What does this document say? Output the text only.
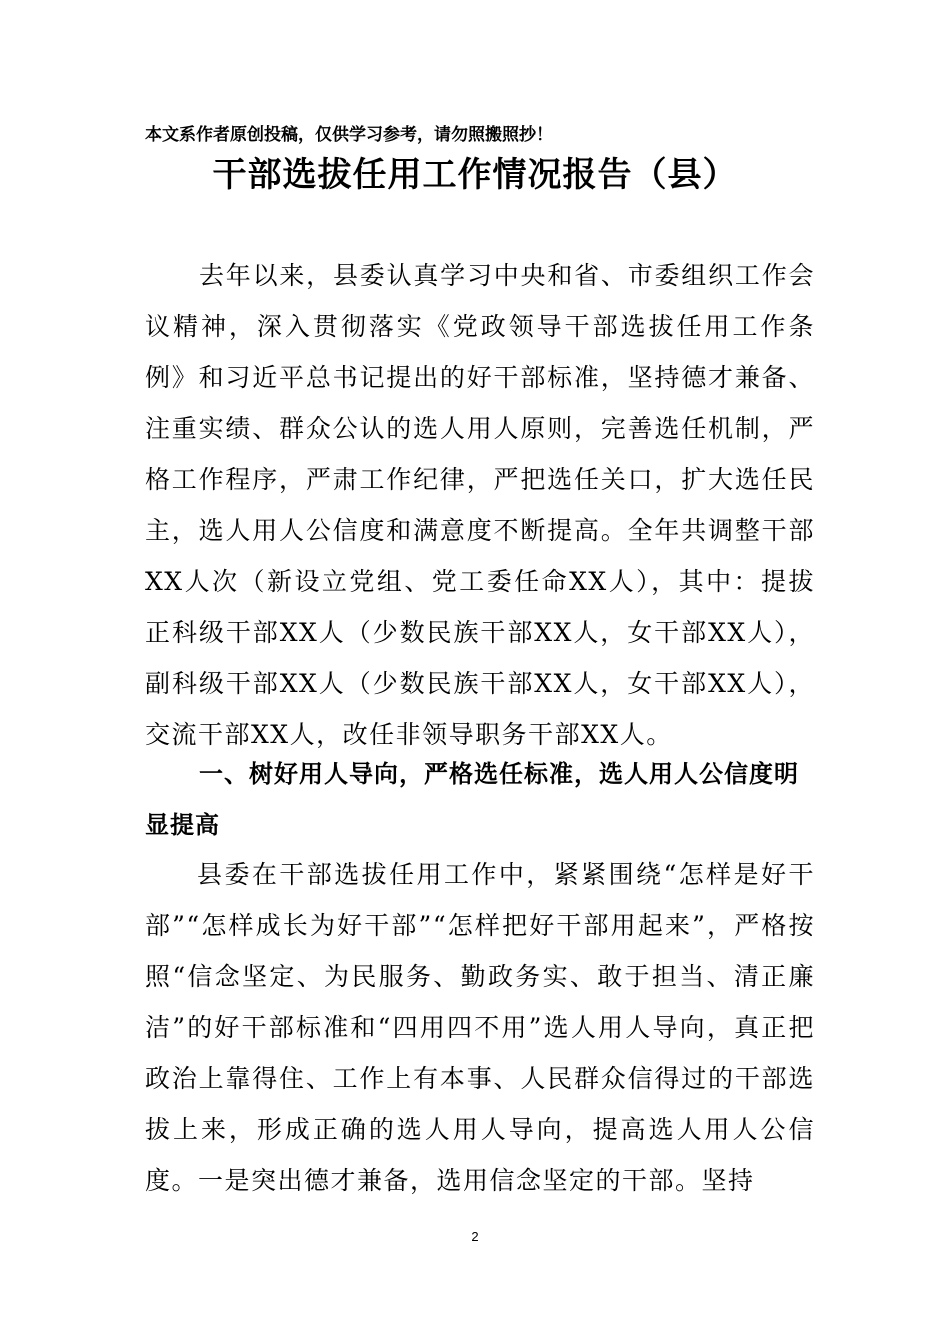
本文系作者原创投稿，仅供学习参考，请勿照搬照抄！
干部选拔任用工作情况报告（县）

去年以来，县委认真学习中央和省、市委组织工作会议精神，深入贯彻落实《党政领导干部选拔任用工作条例》和习近平总书记提出的好干部标准，坚持德才兼备、注重实绩、群众公认的选人用人原则，完善选任机制，严格工作程序，严肃工作纪律，严把选任关口，扩大选任民主，选人用人公信度和满意度不断提高。全年共调整干部XX人次（新设立党组、党工委任命XX人），其中：提拔正科级干部XX人（少数民族干部XX人，女干部XX人），副科级干部XX人（少数民族干部XX人，女干部XX人），交流干部XX人，改任非领导职务干部XX人。

一、树好用人导向，严格选任标准，选人用人公信度明显提高

县委在干部选拔任用工作中，紧紧围绕“怎样是好干部”“怎样成长为好干部”“怎样把好干部用起来”，严格按照“信念坚定、为民服务、勤政务实、敢于担当、清正廉洁”的好干部标准和“四用四不用”选人用人导向，真正把政治上靠得住、工作上有本事、人民群众信得过的干部选拔上来，形成正确的选人用人导向，提高选人用人公信度。一是突出德才兼备，选用信念坚定的干部。坚持

2
